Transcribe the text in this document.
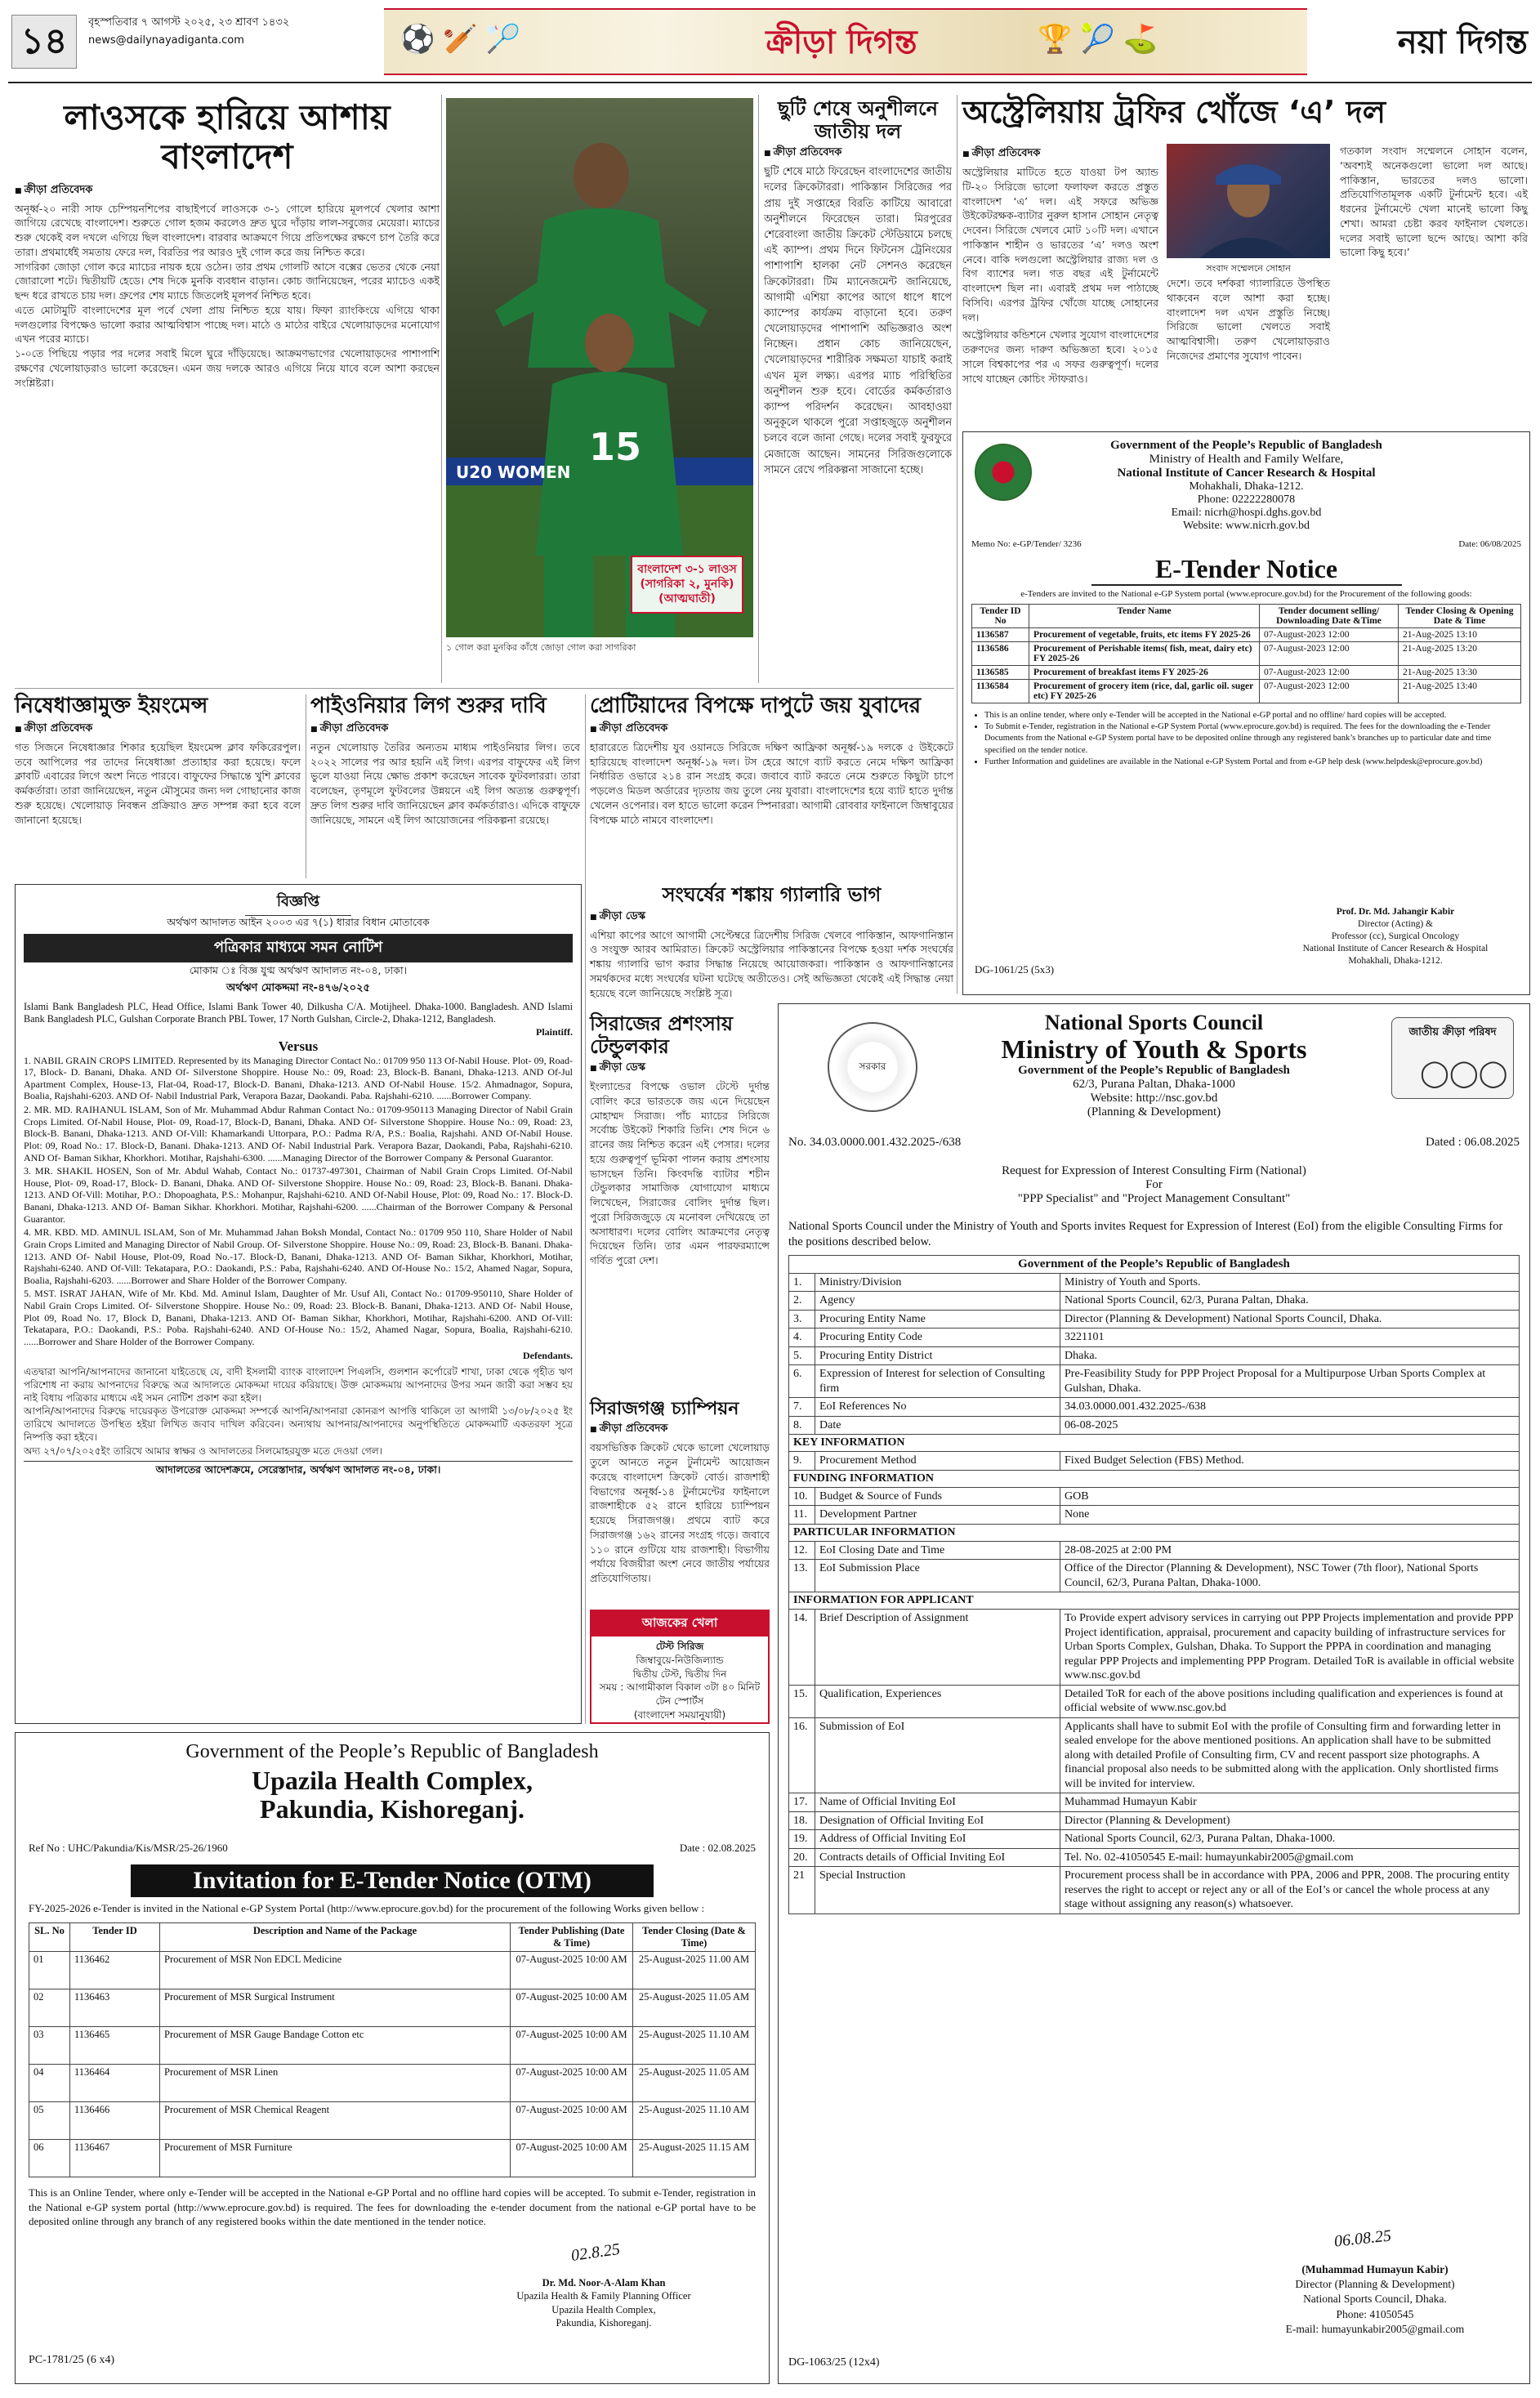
১৪	বৃহস্পতিবার ৭ আগস্ট ২০২৫, ২৩ শ্রাবণ ১৪৩২
news@dailynayadiganta.com	⚽🏏🏸	ক্রীড়া দিগন্ত	🏆🎾⛳	নয়া দিগন্ত
লাওসকে হারিয়ে আশায় বাংলাদেশ
■ ক্রীড়া প্রতিবেদক

অনূর্ধ্ব-২০ নারী সাফ চেম্পিয়নশিপের বাছাইপর্বে লাওসকে ৩-১ গোলে হারিয়ে মূলপর্বে খেলার আশা জাগিয়ে রেখেছে বাংলাদেশ। শুরুতে গোল হজম করলেও দ্রুত ঘুরে দাঁড়ায় লাল-সবুজের মেয়েরা। ম্যাচের শুরু থেকেই বল দখলে এগিয়ে ছিল বাংলাদেশ। বারবার আক্রমণে গিয়ে প্রতিপক্ষের রক্ষণে চাপ তৈরি করে তারা। প্রথমার্ধেই সমতায় ফেরে দল, বিরতির পর আরও দুই গোল করে জয় নিশ্চিত করে।

সাগরিকা জোড়া গোল করে ম্যাচের নায়ক হয়ে ওঠেন। তার প্রথম গোলটি আসে বক্সের ভেতর থেকে নেয়া জোরালো শটে। দ্বিতীয়টি হেডে। শেষ দিকে মুনকি ব্যবধান বাড়ান। কোচ জানিয়েছেন, পরের ম্যাচেও একই ছন্দ ধরে রাখতে চায় দল। গ্রুপের শেষ ম্যাচে জিতলেই মূলপর্ব নিশ্চিত হবে।

এতে মোটামুটি বাংলাদেশের মূল পর্বে খেলা প্রায় নিশ্চিত হয়ে যায়। ফিফা র‌্যাংকিংয়ে এগিয়ে থাকা দলগুলোর বিপক্ষেও ভালো করার আত্মবিশ্বাস পাচ্ছে দল। মাঠে ও মাঠের বাইরে খেলোয়াড়দের মনোযোগ এখন পরের ম্যাচে।

১-০তে পিছিয়ে পড়ার পর দলের সবাই মিলে ঘুরে দাঁড়িয়েছে। আক্রমণভাগের খেলোয়াড়দের পাশাপাশি রক্ষণের খেলোয়াড়রাও ভালো করেছেন। এমন জয় দলকে আরও এগিয়ে নিয়ে যাবে বলে আশা করছেন সংশ্লিষ্টরা।

15
U20 WOMEN
বাংলাদেশ ৩-১ লাওস (সাগরিকা ২, মুনকি) (আত্মঘাতী)
১ গোল করা মুনকির কাঁধে জোড়া গোল করা সাগরিকা
ছুটি শেষে অনুশীলনে জাতীয় দল
■ ক্রীড়া প্রতিবেদক
ছুটি শেষে মাঠে ফিরেছেন বাংলাদেশের জাতীয় দলের ক্রিকেটাররা। পাকিস্তান সিরিজের পর প্রায় দুই সপ্তাহের বিরতি কাটিয়ে আবারো অনুশীলনে ফিরেছেন তারা। মিরপুরের শেরেবাংলা জাতীয় ক্রিকেট স্টেডিয়ামে চলছে এই ক্যাম্প। প্রথম দিনে ফিটনেস ট্রেনিংয়ের পাশাপাশি হালকা নেট সেশনও করেছেন ক্রিকেটাররা। টিম ম্যানেজমেন্ট জানিয়েছে, আগামী এশিয়া কাপের আগে ধাপে ধাপে ক্যাম্পের কার্যক্রম বাড়ানো হবে। তরুণ খেলোয়াড়দের পাশাপাশি অভিজ্ঞরাও অংশ নিচ্ছেন। প্রধান কোচ জানিয়েছেন, খেলোয়াড়দের শারীরিক সক্ষমতা যাচাই করাই এখন মূল লক্ষ্য। এরপর ম্যাচ পরিস্থিতির অনুশীলন শুরু হবে। বোর্ডের কর্মকর্তারাও ক্যাম্প পরিদর্শন করেছেন। আবহাওয়া অনুকূলে থাকলে পুরো সপ্তাহজুড়ে অনুশীলন চলবে বলে জানা গেছে। দলের সবাই ফুরফুরে মেজাজে আছেন। সামনের সিরিজগুলোকে সামনে রেখে পরিকল্পনা সাজানো হচ্ছে।
অস্ট্রেলিয়ায় ট্রফির খোঁজে ‘এ’ দল
■ ক্রীড়া প্রতিবেদক
অস্ট্রেলিয়ার মাটিতে হতে যাওয়া টপ অ্যান্ড টি-২০ সিরিজে ভালো ফলাফল করতে প্রস্তুত বাংলাদেশ ‘এ’ দল। এই সফরে অভিজ্ঞ উইকেটরক্ষক-ব্যাটার নুরুল হাসান সোহান নেতৃত্ব দেবেন। সিরিজে খেলবে মোট ১০টি দল। এখানে পাকিস্তান শাহীন ও ভারতের ‘এ’ দলও অংশ নেবে। বাকি দলগুলো অস্ট্রেলিয়ার রাজ্য দল ও বিগ ব্যাশের দল। গত বছর এই টুর্নামেন্টে বাংলাদেশ ছিল না। এবারই প্রথম দল পাঠাচ্ছে বিসিবি। এরপর ট্রফির খোঁজে যাচ্ছে সোহানের দল।
অস্ট্রেলিয়ার কন্ডিশনে খেলার সুযোগ বাংলাদেশের তরুণদের জন্য দারুণ অভিজ্ঞতা হবে। ২০১৫ সালে বিশ্বকাপের পর এ সফর গুরুত্বপূর্ণ। দলের সাথে যাচ্ছেন কোচিং স্টাফরাও।
সংবাদ সম্মেলনে সোহান
দেশে। তবে দর্শকরা গ্যালারিতে উপস্থিত থাকবেন বলে আশা করা হচ্ছে। বাংলাদেশ দল এখন প্রস্তুতি নিচ্ছে। সিরিজে ভালো খেলতে সবাই আত্মবিশ্বাসী। তরুণ খেলোয়াড়রাও নিজেদের প্রমাণের সুযোগ পাবেন।
গতকাল সংবাদ সম্মেলনে সোহান বলেন, ‘অবশ্যই অনেকগুলো ভালো দল আছে। পাকিস্তান, ভারতের দলও ভালো। প্রতিযোগিতামূলক একটি টুর্নামেন্ট হবে। এই ধরনের টুর্নামেন্টে খেলা মানেই ভালো কিছু শেখা। আমরা চেষ্টা করব ফাইনাল খেলতে। দলের সবাই ভালো ছন্দে আছে। আশা করি ভালো কিছু হবে।’
Government of the People’s Republic of Bangladesh
Ministry of Health and Family Welfare,
National Institute of Cancer Research & Hospital
Mohakhali, Dhaka-1212.
Phone: 02222280078
Email: nicrh@hospi.dghs.gov.bd
Website: www.nicrh.gov.bd
Memo No: e-GP/Tender/ 3236	Date: 06/08/2025
E-Tender Notice
e-Tenders are invited to the National e-GP System portal (www.eprocure.gov.bd) for the Procurement of the following goods:
Tender ID No	Tender Name	Tender document selling/ Downloading Date &Time	Tender Closing & Opening Date & Time
1136587	Procurement of vegetable, fruits, etc items FY 2025-26	07-August-2023 12:00	21-Aug-2025 13:10
1136586	Procurement of Perishable items( fish, meat, dairy etc) FY 2025-26	07-August-2023 12:00	21-Aug-2025 13:20
1136585	Procurement of breakfast items FY 2025-26	07-August-2023 12:00	21-Aug-2025 13:30
1136584	Procurement of grocery item (rice, dal, garlic oil. suger etc) FY 2025-26	07-August-2023 12:00	21-Aug-2025 13:40
• This is an online tender, where only e-Tender will be accepted in the National e-GP portal and no offline/ hard copies will be accepted.
• To Submit e-Tender, registration in the National e-GP System Portal (www.eprocure.gov.bd) is required. The fees for the downloading the e-Tender Documents from the National e-GP System portal have to be deposited online through any registered bank’s branches up to particular date and time specified on the tender notice.
• Further Information and guidelines are available in the National e-GP System Portal and from e-GP help desk (www.helpdesk@eprocure.gov.bd)
DG-1061/25 (5x3)
Prof. Dr. Md. Jahangir Kabir
Director (Acting) &
Professor (cc), Surgical Oncology
National Institute of Cancer Research & Hospital
Mohakhali, Dhaka-1212.
নিষেধাজ্ঞামুক্ত ইয়ংমেন্স
■ ক্রীড়া প্রতিবেদক
গত সিজনে নিষেধাজ্ঞার শিকার হয়েছিল ইয়ংমেন্স ক্লাব ফকিরেরপুল। তবে আপিলের পর তাদের নিষেধাজ্ঞা প্রত্যাহার করা হয়েছে। ফলে ক্লাবটি এবারের লিগে অংশ নিতে পারবে। বাফুফের সিদ্ধান্তে খুশি ক্লাবের কর্মকর্তারা। তারা জানিয়েছেন, নতুন মৌসুমের জন্য দল গোছানোর কাজ শুরু হয়েছে। খেলোয়াড় নিবন্ধন প্রক্রিয়াও দ্রুত সম্পন্ন করা হবে বলে জানানো হয়েছে।
পাইওনিয়ার লিগ শুরুর দাবি
■ ক্রীড়া প্রতিবেদক
নতুন খেলোয়াড় তৈরির অন্যতম মাধ্যম পাইওনিয়ার লিগ। তবে ২০২২ সালের পর আর হয়নি এই লিগ। এরপর বাফুফের এই লিগ ভুলে যাওয়া নিয়ে ক্ষোভ প্রকাশ করেছেন সাবেক ফুটবলাররা। তারা বলেছেন, তৃণমূলে ফুটবলের উন্নয়নে এই লিগ অত্যন্ত গুরুত্বপূর্ণ। দ্রুত লিগ শুরুর দাবি জানিয়েছেন ক্লাব কর্মকর্তারাও। এদিকে বাফুফে জানিয়েছে, সামনে এই লিগ আয়োজনের পরিকল্পনা রয়েছে।
প্রোটিয়াদের বিপক্ষে দাপুটে জয় যুবাদের
■ ক্রীড়া প্রতিবেদক
হারারেতে ত্রিদেশীয় যুব ওয়ানডে সিরিজে দক্ষিণ আফ্রিকা অনূর্ধ্ব-১৯ দলকে ৫ উইকেটে হারিয়েছে বাংলাদেশ অনূর্ধ্ব-১৯ দল। টস হেরে আগে ব্যাট করতে নেমে দক্ষিণ আফ্রিকা নির্ধারিত ওভারে ২১৪ রান সংগ্রহ করে। জবাবে ব্যাট করতে নেমে শুরুতে কিছুটা চাপে পড়লেও মিডল অর্ডারের দৃঢ়তায় জয় তুলে নেয় যুবারা। বাংলাদেশের হয়ে ব্যাট হাতে দুর্দান্ত খেলেন ওপেনার। বল হাতে ভালো করেন স্পিনাররা। আগামী রোববার ফাইনালে জিম্বাবুয়ের বিপক্ষে মাঠে নামবে বাংলাদেশ।
সংঘর্ষের শঙ্কায় গ্যালারি ভাগ
■ ক্রীড়া ডেস্ক
এশিয়া কাপের আগে আগামী সেপ্টেম্বরে ত্রিদেশীয় সিরিজ খেলবে পাকিস্তান, আফগানিস্তান ও সংযুক্ত আরব আমিরাত। ক্রিকেট অস্ট্রেলিয়ার পাকিস্তানের বিপক্ষে হওয়া দর্শক সংঘর্ষের শঙ্কায় গ্যালারি ভাগ করার সিদ্ধান্ত নিয়েছে আয়োজকরা। পাকিস্তান ও আফগানিস্তানের সমর্থকদের মধ্যে সংঘর্ষের ঘটনা ঘটেছে অতীতেও। সেই অভিজ্ঞতা থেকেই এই সিদ্ধান্ত নেয়া হয়েছে বলে জানিয়েছে সংশ্লিষ্ট সূত্র।
সিরাজের প্রশংসায় টেন্ডুলকার
■ ক্রীড়া ডেস্ক
ইংল্যান্ডের বিপক্ষে ওভাল টেস্টে দুর্দান্ত বোলিং করে ভারতকে জয় এনে দিয়েছেন মোহাম্মদ সিরাজ। পাঁচ ম্যাচের সিরিজে সর্বোচ্চ উইকেট শিকারি তিনি। শেষ দিনে ৬ রানের জয় নিশ্চিত করেন এই পেসার। দলের হয়ে গুরুত্বপূর্ণ ভূমিকা পালন করায় প্রশংসায় ভাসছেন তিনি। কিংবদন্তি ব্যাটার শচীন টেন্ডুলকার সামাজিক যোগাযোগ মাধ্যমে লিখেছেন, সিরাজের বোলিং দুর্দান্ত ছিল। পুরো সিরিজজুড়ে যে মনোবল দেখিয়েছে তা অসাধারণ। দলের বোলিং আক্রমণের নেতৃত্ব দিয়েছেন তিনি। তার এমন পারফরম্যান্সে গর্বিত পুরো দেশ।
সিরাজগঞ্জ চ্যাম্পিয়ন
■ ক্রীড়া প্রতিবেদক
বয়সভিত্তিক ক্রিকেট থেকে ভালো খেলোয়াড় তুলে আনতে নতুন টুর্নামেন্ট আয়োজন করেছে বাংলাদেশ ক্রিকেট বোর্ড। রাজশাহী বিভাগের অনূর্ধ্ব-১৪ টুর্নামেন্টের ফাইনালে রাজশাহীকে ৫২ রানে হারিয়ে চ্যাম্পিয়ন হয়েছে সিরাজগঞ্জ। প্রথমে ব্যাট করে সিরাজগঞ্জ ১৬২ রানের সংগ্রহ গড়ে। জবাবে ১১০ রানে গুটিয়ে যায় রাজশাহী। বিভাগীয় পর্যায়ে বিজয়ীরা অংশ নেবে জাতীয় পর্যায়ের প্রতিযোগিতায়।
আজকের খেলা
টেস্ট সিরিজ
জিম্বাবুয়ে-নিউজিল্যান্ড
দ্বিতীয় টেস্ট, দ্বিতীয় দিন
সময় : আগামীকাল বিকাল ৩টা ৪০ মিনিট
টেন স্পোর্টস
(বাংলাদেশ সময়ানুযায়ী)
বিজ্ঞপ্তি
অর্থঋণ আদালত আইন ২০০৩ এর ৭(১) ধারার বিধান মোতাবেক
পত্রিকার মাধ্যমে সমন নোটিশ
মোকাম ঃ বিজ্ঞ যুগ্ম অর্থঋণ আদালত নং-০৪, ঢাকা।
অর্থঋণ মোকদ্দমা নং-৪৭৬/২০২৫
Islami Bank Bangladesh PLC, Head Office, Islami Bank Tower 40, Dilkusha C/A. Motijheel. Dhaka-1000. Bangladesh. AND Islami Bank Bangladesh PLC, Gulshan Corporate Branch PBL Tower, 17 North Gulshan, Circle-2, Dhaka-1212, Bangladesh.
Plaintiff.
Versus

1. NABIL GRAIN CROPS LIMITED. Represented by its Managing Director Contact No.: 01709 950 113 Of-Nabil House. Plot- 09, Road-17, Block- D. Banani, Dhaka. AND Of- Silverstone Shoppire. House No.: 09, Road: 23, Block-B. Banani, Dhaka-1213. AND Of-Jul Apartment Complex, House-13, Flat-04, Road-17, Block-D. Banani, Dhaka-1213. AND Of-Nabil House. 15/2. Ahmadnagor, Sopura, Boalia, Rajshahi-6203. AND Of- Nabil Industrial Park, Verapora Bazar, Daokandi. Paba. Rajshahi-6210. ......Borrower Company.

2. MR. MD. RAIHANUL ISLAM, Son of Mr. Muhammad Abdur Rahman Contact No.: 01709-950113 Managing Director of Nabil Grain Crops Limited. Of-Nabil House, Plot- 09, Road-17, Block-D, Banani, Dhaka. AND Of- Silverstone Shoppire. House No.: 09, Road: 23, Block-B. Banani, Dhaka-1213. AND Of-Vill: Khamarkandi Uttorpara, P.O.: Padma R/A, P.S.: Boalia, Rajshahi. AND Of-Nabil House. Plot: 09, Road No.: 17. Block-D, Banani. Dhaka-1213. AND Of- Nabil Industrial Park. Verapora Bazar, Daokandi, Paba, Rajshahi-6210. AND Of- Baman Sikhar, Khorkhori. Motihar, Rajshahi-6300. ......Managing Director of the Borrower Company & Personal Guarantor.

3. MR. SHAKIL HOSEN, Son of Mr. Abdul Wahab, Contact No.: 01737-497301, Chairman of Nabil Grain Crops Limited. Of-Nabil House, Plot- 09, Road-17, Block- D. Banani, Dhaka. AND Of- Silverstone Shoppire. House No.: 09, Road: 23, Block-B. Banani. Dhaka-1213. AND Of-Vill: Motihar, P.O.: Dhopoaghata, P.S.: Mohanpur, Rajshahi-6210. AND Of-Nabil House, Plot: 09, Road No.: 17. Block-D. Banani, Dhaka-1213. AND Of- Baman Sikhar. Khorkhori. Motihar, Rajshahi-6200. ......Chairman of the Borrower Company & Personal Guarantor.

4. MR. KBD. MD. AMINUL ISLAM, Son of Mr. Muhammad Jahan Boksh Mondal, Contact No.: 01709 950 110, Share Holder of Nabil Grain Crops Limited and Managing Director of Nabil Group. Of- Silverstone Shoppire. House No.: 09, Road: 23, Block-B. Banani. Dhaka-1213. AND Of- Nabil House, Plot-09, Road No.-17. Block-D, Banani, Dhaka-1213. AND Of- Baman Sikhar, Khorkhori, Motihar, Rajshahi-6240. AND Of-Vill: Tekatapara, P.O.: Daokandi, P.S.: Paba, Rajshahi-6240. AND Of-House No.: 15/2, Ahamed Nagar, Sopura, Boalia, Rajshahi-6203. ......Borrower and Share Holder of the Borrower Company.

5. MST. ISRAT JAHAN, Wife of Mr. Kbd. Md. Aminul Islam, Daughter of Mr. Usuf Ali, Contact No.: 01709-950110, Share Holder of Nabil Grain Crops Limited. Of- Silverstone Shoppire. House No.: 09, Road: 23. Block-B. Banani, Dhaka-1213. AND Of- Nabil House, Plot 09, Road No. 17, Block D, Banani, Dhaka-1213. AND Of- Baman Sikhar, Khorkhori, Motihar, Rajshahi-6200. AND Of-Vill: Tekatapara, P.O.: Daokandi, P.S.: Poba. Rajshahi-6240. AND Of-House No.: 15/2, Ahamed Nagar, Sopura, Boalia, Rajshahi-6210. ......Borrower and Share Holder of the Borrower Company.

Defendants.

এতদ্বারা আপনি/আপনাদের জানানো যাইতেছে যে, বাদী ইসলামী ব্যাংক বাংলাদেশ পিএলসি, গুলশান কর্পোরেট শাখা, ঢাকা থেকে গৃহীত ঋণ পরিশোধ না করায় আপনাদের বিরুদ্ধে অত্র আদালতে মোকদ্দমা দায়ের করিয়াছে। উক্ত মোকদ্দমায় আপনাদের উপর সমন জারী করা সম্ভব হয় নাই বিধায় পত্রিকার মাধ্যমে এই সমন নোটিশ প্রকাশ করা হইল।

আপনি/আপনাদের বিরুদ্ধে দায়েরকৃত উপরোক্ত মোকদ্দমা সম্পর্কে আপনি/আপনারা কোনরূপ আপত্তি থাকিলে তা আগামী ১৩/০৮/২০২৫ ইং তারিখে আদালতে উপস্থিত হইয়া লিখিত জবাব দাখিল করিবেন। অন্যথায় আপনার/আপনাদের অনুপস্থিতিতে মোকদ্দমাটি একতরফা সূত্রে নিষ্পত্তি করা হইবে।

অদ্য ২৭/০৭/২০২৫ইং তারিখে আমার স্বাক্ষর ও আদালতের সিলমোহরযুক্ত মতে দেওয়া গেল।

আদালতের আদেশক্রমে, সেরেস্তাদার, অর্থঋণ আদালত নং-০৪, ঢাকা।
Government of the People’s Republic of Bangladesh
Upazila Health Complex,
Pakundia, Kishoreganj.
Ref No : UHC/Pakundia/Kis/MSR/25-26/1960	Date : 02.08.2025
Invitation for E-Tender Notice (OTM)
FY-2025-2026 e-Tender is invited in the National e-GP System Portal (http://www.eprocure.gov.bd) for the procurement of the following Works given bellow :
SL. No	Tender ID	Description and Name of the Package	Tender Publishing (Date & Time)	Tender Closing (Date & Time)
01	1136462	Procurement of MSR Non EDCL Medicine	07-August-2025 10:00 AM	25-August-2025 11.00 AM
02	1136463	Procurement of MSR Surgical Instrument	07-August-2025 10:00 AM	25-August-2025 11.05 AM
03	1136465	Procurement of MSR Gauge Bandage Cotton etc	07-August-2025 10:00 AM	25-August-2025 11.10 AM
04	1136464	Procurement of MSR Linen	07-August-2025 10:00 AM	25-August-2025 11.05 AM
05	1136466	Procurement of MSR Chemical Reagent	07-August-2025 10:00 AM	25-August-2025 11.10 AM
06	1136467	Procurement of MSR Furniture	07-August-2025 10:00 AM	25-August-2025 11.15 AM
This is an Online Tender, where only e-Tender will be accepted in the National e-GP Portal and no offline hard copies will be accepted. To submit e-Tender, registration in the National e-GP system portal (http://www.eprocure.gov.bd) is required. The fees for downloading the e-tender document from the national e-GP portal have to be deposited online through any branch of any registered books within the date mentioned in the tender notice.
02.8.25
Dr. Md. Noor-A-Alam Khan
Upazila Health & Family Planning Officer
Upazila Health Complex,
Pakundia, Kishoreganj.
PC-1781/25 (6 x4)
সরকার
জাতীয় ক্রীড়া পরিষদ
◯◯◯
National Sports Council
Ministry of Youth & Sports
Government of the People’s Republic of Bangladesh
62/3, Purana Paltan, Dhaka-1000
Website: http://nsc.gov.bd
(Planning & Development)
No. 34.03.0000.001.432.2025-/638	Dated : 06.08.2025
Request for Expression of Interest Consulting Firm (National)
For
"PPP Specialist" and "Project Management Consultant"
National Sports Council under the Ministry of Youth and Sports invites Request for Expression of Interest (EoI) from the eligible Consulting Firms for the positions described below.
Government of the People’s Republic of Bangladesh		
1.	Ministry/Division	Ministry of Youth and Sports.
2.	Agency	National Sports Council, 62/3, Purana Paltan, Dhaka.
3.	Procuring Entity Name	Director (Planning & Development) National Sports Council, Dhaka.
4.	Procuring Entity Code	3221101
5.	Procuring Entity District	Dhaka.
6.	Expression of Interest for selection of Consulting firm	Pre-Feasibility Study for PPP Project Proposal for a Multipurpose Urban Sports Complex at Gulshan, Dhaka.
7.	EoI References No	34.03.0000.001.432.2025-/638
8.	Date	06-08-2025
KEY INFORMATION		
9.	Procurement Method	Fixed Budget Selection (FBS) Method.
FUNDING INFORMATION		
10.	Budget & Source of Funds	GOB
11.	Development Partner	None
PARTICULAR INFORMATION		
12.	EoI Closing Date and Time	28-08-2025 at 2:00 PM
13.	EoI Submission Place	Office of the Director (Planning & Development), NSC Tower (7th floor), National Sports Council, 62/3, Purana Paltan, Dhaka-1000.
INFORMATION FOR APPLICANT		
14.	Brief Description of Assignment	To Provide expert advisory services in carrying out PPP Projects implementation and provide PPP Project identification, appraisal, procurement and capacity building of infrastructure services for Urban Sports Complex, Gulshan, Dhaka. To Support the PPPA in coordination and managing regular PPP Projects and implementing PPP Program. Detailed ToR is available in official website www.nsc.gov.bd
15.	Qualification, Experiences	Detailed ToR for each of the above positions including qualification and experiences is found at official website of www.nsc.gov.bd
16.	Submission of EoI	Applicants shall have to submit EoI with the profile of Consulting firm and forwarding letter in sealed envelope for the above mentioned positions. An application shall have to be submitted along with detailed Profile of Consulting firm, CV and recent passport size photographs. A financial proposal also needs to be submitted along with the application. Only shortlisted firms will be invited for interview.
17.	Name of Official Inviting EoI	Muhammad Humayun Kabir
18.	Designation of Official Inviting EoI	Director (Planning & Development)
19.	Address of Official Inviting EoI	National Sports Council, 62/3, Purana Paltan, Dhaka-1000.
20.	Contracts details of Official Inviting EoI	Tel. No. 02-41050545 E-mail: humayunkabir2005@gmail.com
21	Special Instruction	Procurement process shall be in accordance with PPA, 2006 and PPR, 2008. The procuring entity reserves the right to accept or reject any or all of the EoI’s or cancel the whole process at any stage without assigning any reason(s) whatsoever.
06.08.25
(Muhammad Humayun Kabir)
Director (Planning & Development)
National Sports Council, Dhaka.
Phone: 41050545
E-mail: humayunkabir2005@gmail.com
DG-1063/25 (12x4)
